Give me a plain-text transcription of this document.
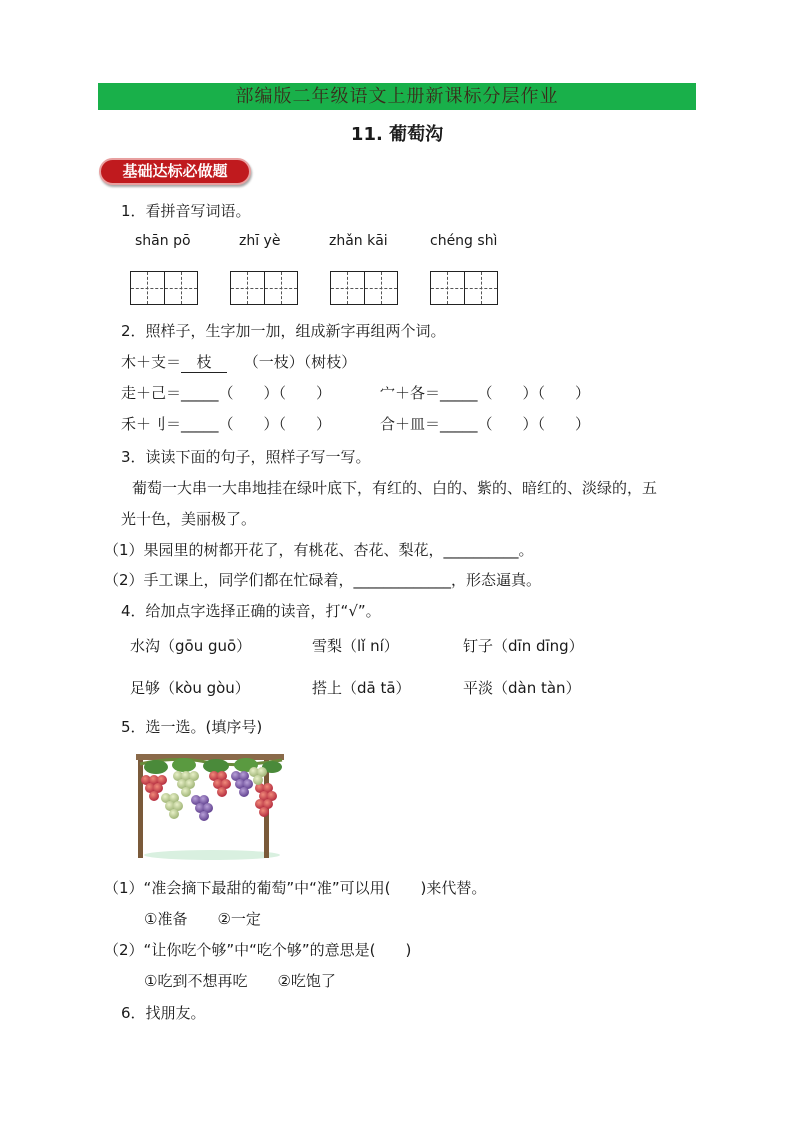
部编版二年级语文上册新课标分层作业
11. 葡萄沟
基础达标必做题
1．看拼音写词语。
shān pō	zhī yè	zhǎn kāi	chéng shì
2．照样子，生字加一加，组成新字再组两个词。
木＋支＝ 枝 （一枝）（树枝）
走＋己＝_____（　　）（　　）	宀＋各＝_____（　　）（　　）
禾＋刂＝_____（　　）（　　）	合＋皿＝_____（　　）（　　）
3．读读下面的句子，照样子写一写。
葡萄一大串一大串地挂在绿叶底下，有红的、白的、紫的、暗红的、淡绿的，五
光十色，美丽极了。
（1）果园里的树都开花了，有桃花、杏花、梨花，__________。
（2）手工课上，同学们都在忙碌着，_____________，形态逼真。
4．给加点字选择正确的读音，打“√”。
水沟（gōu guō）	雪梨（lǐ ní）	钉子（dīn dīng）
足够（kòu gòu）	搭上（dā tā）	平淡（dàn tàn）
5．选一选。(填序号)
（1）“准会摘下最甜的葡萄”中“准”可以用(　　)来代替。
①准备　　②一定
（2）“让你吃个够”中“吃个够”的意思是(　　)
①吃到不想再吃　　②吃饱了
6．找朋友。
